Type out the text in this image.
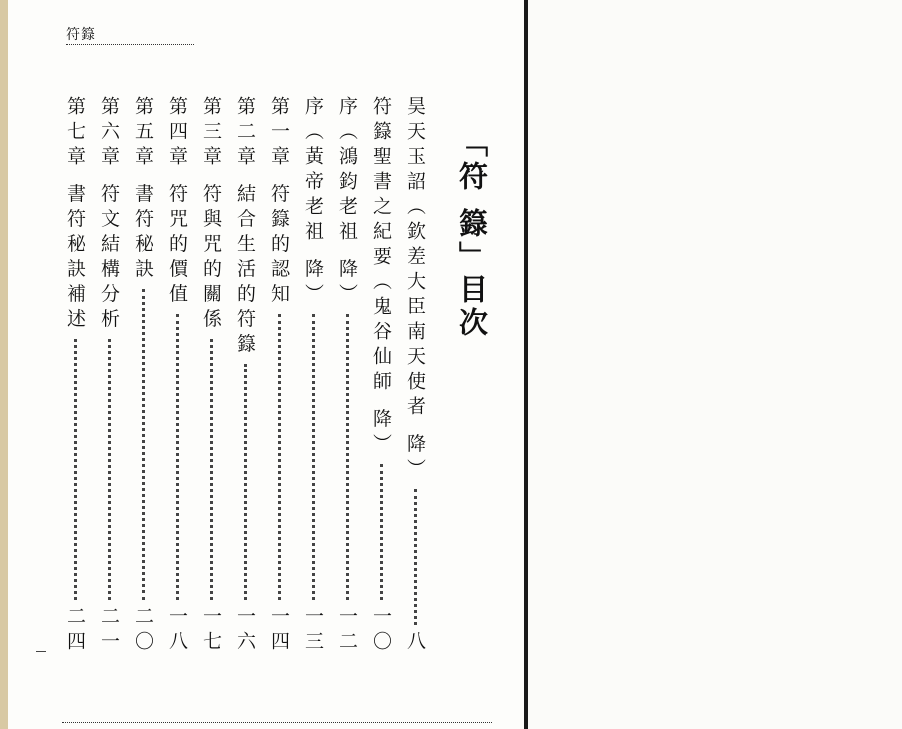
符籙
「符 籙」目次
昊天玉詔（欽差大臣南天使者 降）
八
符籙聖書之紀要（鬼谷仙師 降）
一〇
序（鴻鈞老祖 降）
一二
序（黃帝老祖 降）
一三
第一章 符籙的認知
一四
第二章 結合生活的符籙
一六
第三章 符與咒的關係
一七
第四章 符咒的價值
一八
第五章 書符秘訣
二〇
第六章 符文結構分析
二一
第七章 書符秘訣補述
二四
